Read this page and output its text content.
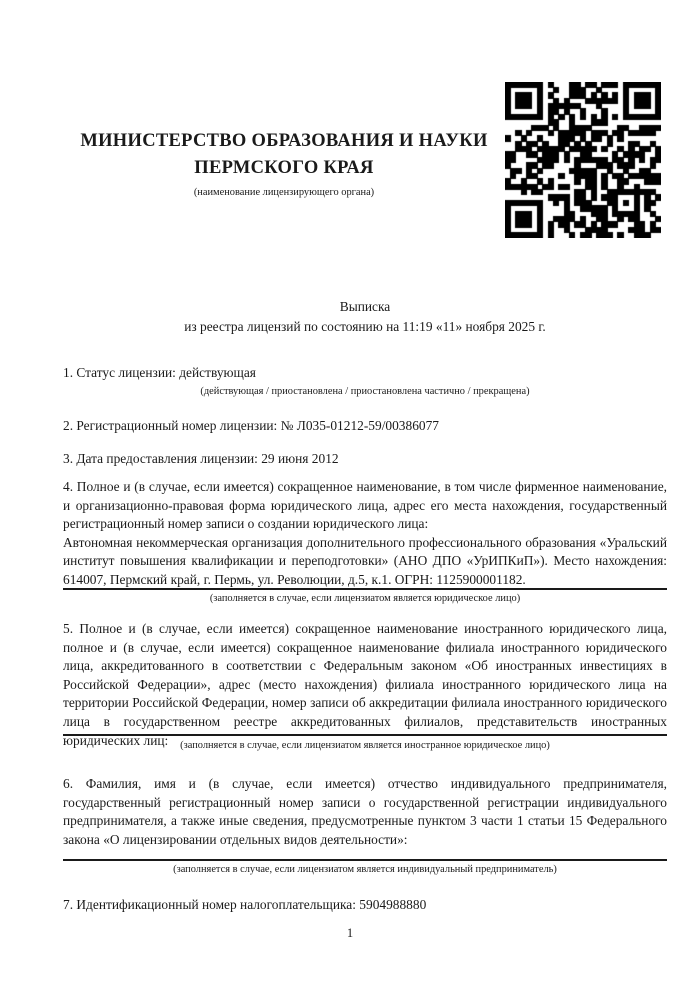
МИНИСТЕРСТВО ОБРАЗОВАНИЯ И НАУКИ
ПЕРМСКОГО КРАЯ
(наименование лицензирующего органа)
Выписка
из реестра лицензий по состоянию на 11:19 «11» ноября 2025 г.
1. Статус лицензии: действующая
(действующая / приостановлена / приостановлена частично / прекращена)
2. Регистрационный номер лицензии: № Л035-01212-59/00386077
3. Дата предоставления лицензии: 29 июня 2012
4. Полное и (в случае, если имеется) сокращенное наименование, в том числе фирменное наименование, и организационно-правовая форма юридического лица, адрес его места нахождения, государственный регистрационный номер записи о создании юридического лица:
Автономная некоммерческая организация дополнительного профессионального образования «Уральский институт повышения квалификации и переподготовки» (АНО ДПО «УрИПКиП»). Место нахождения: 614007, Пермский край, г. Пермь, ул. Революции, д.5, к.1. ОГРН: 1125900001182.
(заполняется в случае, если лицензиатом является юридическое лицо)
5. Полное и (в случае, если имеется) сокращенное наименование иностранного юридического лица, полное и (в случае, если имеется) сокращенное наименование филиала иностранного юридического лица, аккредитованного в соответствии с Федеральным законом «Об иностранных инвестициях в Российской Федерации», адрес (место нахождения) филиала иностранного юридического лица на территории Российской Федерации, номер записи об аккредитации филиала иностранного юридического лица в государственном реестре аккредитованных филиалов, представительств иностранных юридических лиц:	(заполняется в случае, если лицензиатом является иностранное юридическое лицо)
6. Фамилия, имя и (в случае, если имеется) отчество индивидуального предпринимателя, государственный регистрационный номер записи о государственной регистрации индивидуального предпринимателя, а также иные сведения, предусмотренные пунктом 3 части 1 статьи 15 Федерального закона «О лицензировании отдельных видов деятельности»:
(заполняется в случае, если лицензиатом является индивидуальный предприниматель)
7. Идентификационный номер налогоплательщика: 5904988880
1
